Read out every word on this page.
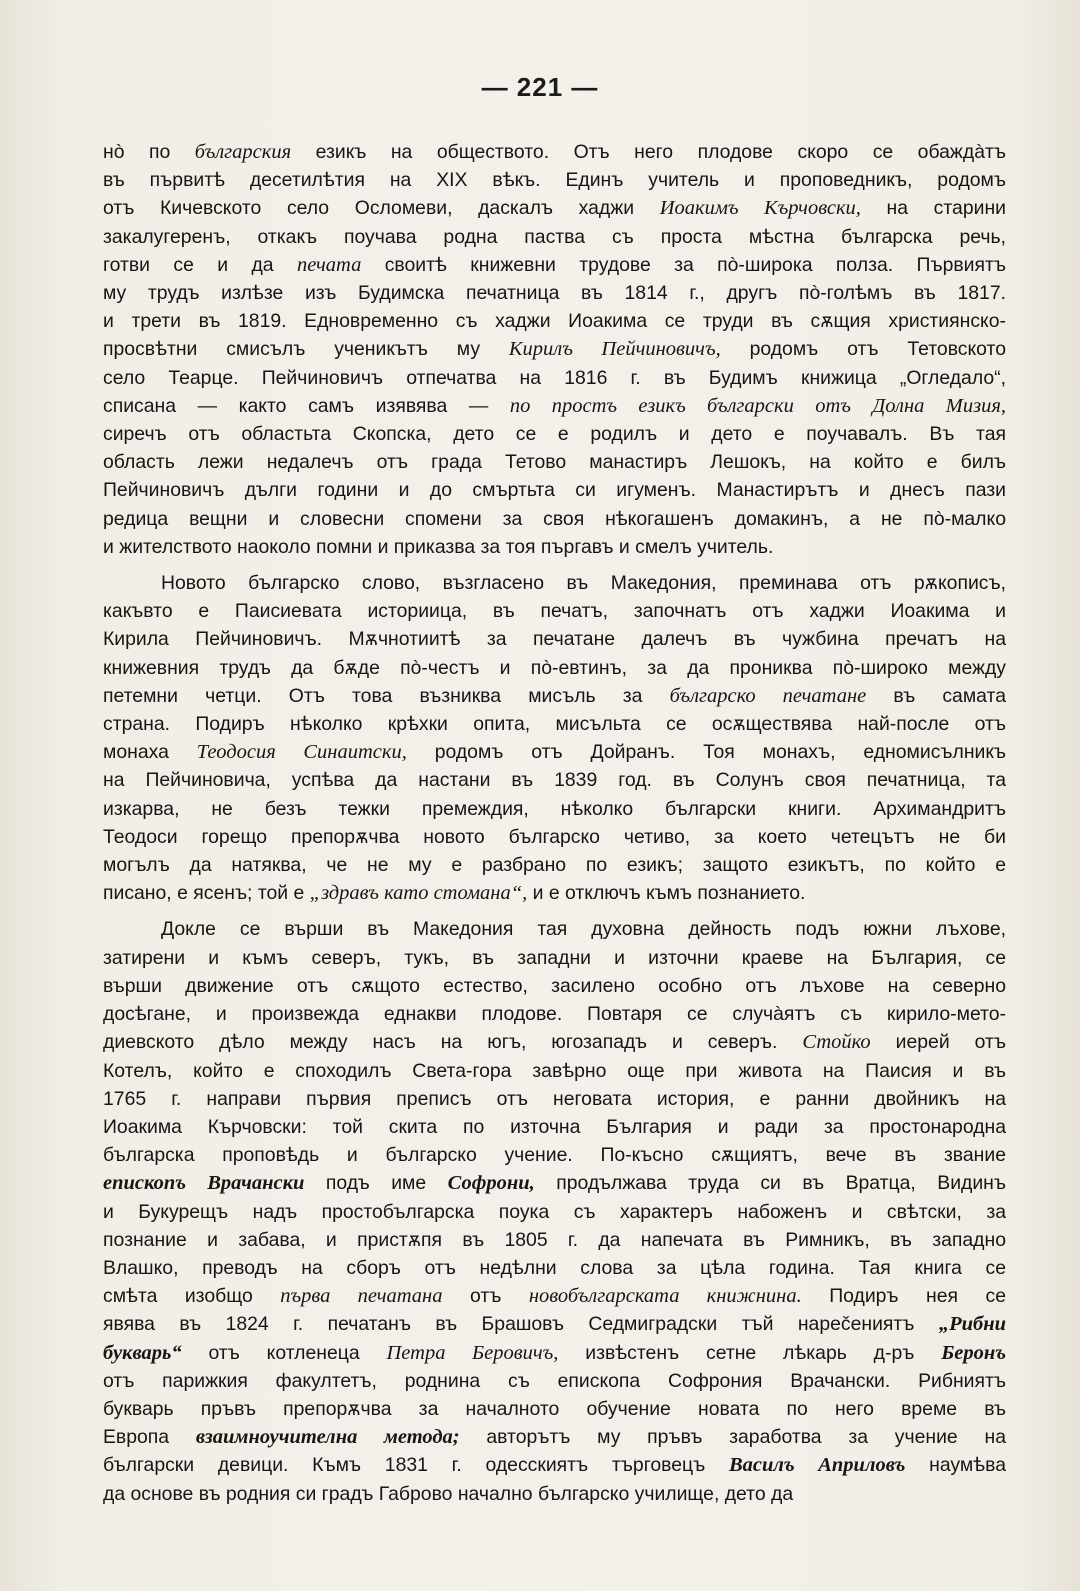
— 221 —
нò по българския езикъ на обществото. Отъ него плодове скоро се обаждàтъ
въ първитѣ десетилѣтия на XIX вѣкъ. Единъ учитель и проповедникъ, родомъ
отъ Кичевското село Осломеви, даскалъ хаджи Иоакимъ Кърчовски, на старини
закалугеренъ, откакъ поучава родна паства съ проста мѣстна българска речь,
готви се и да печата своитѣ книжевни трудове за пò-широка полза. Първиятъ
му трудъ излѣзе изъ Будимска печатница въ 1814 г., другъ пò-голѣмъ въ 1817.
и трети въ 1819. Едновременно съ хаджи Иоакима се труди въ сѫщия християнско-
просвѣтни смисълъ ученикътъ му Кирилъ Пейчиновичъ, родомъ отъ Тетовското
село Теарце. Пейчиновичъ отпечатва на 1816 г. въ Будимъ книжица „Огледало“,
списана — както самъ изявява — по простъ езикъ български отъ Долна Мизия,
сиречъ отъ областьта Скопска, дето се е родилъ и дето е поучавалъ. Въ тая
область лежи недалечъ отъ града Тетово манастиръ Лешокъ, на който е билъ
Пейчиновичъ дълги години и до смъртьта си игуменъ. Манастирътъ и днесъ пази
редица вещни и словесни спомени за своя нѣкогашенъ домакинъ, а не пò-малко
и жителството наоколо помни и приказва за тоя пъргавъ и смелъ учитель.
Новото българско слово, възгласено въ Македония, преминава отъ рѫкописъ,
какъвто е Паисиевата историица, въ печатъ, започнатъ отъ хаджи Иоакима и
Кирила Пейчиновичъ. Мѫчнотиитѣ за печатане далечъ въ чужбина пречатъ на
книжевния трудъ да бѫде пò-честъ и пò-евтинъ, за да прониква пò-широко между
петемни четци. Отъ това възниква мисъль за българско печатане въ самата
страна. Подиръ нѣколко крѣхки опита, мисъльта се осѫществява най-после отъ
монаха Теодосия Синаитски, родомъ отъ Дойранъ. Тоя монахъ, едномисълникъ
на Пейчиновича, успѣва да настани въ 1839 год. въ Солунъ своя печатница, та
изкарва, не безъ тежки премеждия, нѣколко български книги. Архимандритъ
Теодоси горещо препорѫчва новото българско четиво, за което четецътъ не би
могълъ да натяква, че не му е разбрано по езикъ; защото езикътъ, по който е
писано, е ясенъ; той е „здравъ като стомана“, и е отключъ къмъ познанието.
Докле се върши въ Македония тая духовна дейность подъ южни лъхове,
затирени и къмъ северъ, тукъ, въ западни и източни краеве на България, се
върши движение отъ сѫщото естество, засилено особно отъ лъхове на северно
досѣгане, и произвежда еднакви плодове. Повтаря се случàятъ съ кирило-мето-
диевското дѣло между насъ на югъ, югозападъ и северъ. Стойко иерей отъ
Котелъ, който е споходилъ Света-гора завѣрно още при живота на Паисия и въ
1765 г. направи първия преписъ отъ неговата история, е ранни двойникъ на
Иоакима Кърчовски: той скита по източна България и ради за простонародна
българска проповѣдь и българско учение. По-късно сѫщиятъ, вече въ звание
епископъ Врачански подъ име Софрони, продължава труда си въ Вратца, Видинъ
и Букурещъ надъ простобългарска поука съ характеръ набоженъ и свѣтски, за
познание и забава, и пристѫпя въ 1805 г. да напечата въ Римникъ, въ западно
Влашко, преводъ на сборъ отъ недѣлни слова за цѣла година. Тая книга се
смѣта изобщо първа печатана отъ новобългарската книжнина. Подиръ нея се
явява въ 1824 г. печатанъ въ Брашовъ Седмиградски тъй нарečениятъ „Рибни
букварь“ отъ котленеца Петра Беровичъ, извѣстенъ сетне лѣкарь д-ръ Беронъ
отъ парижкия факултетъ, роднина съ епископа Софрония Врачански. Рибниятъ
букварь пръвъ препорѫчва за началното обучение новата по него време въ
Европа взаимноучителна метода; авторътъ му пръвъ заработва за учение на
български девици. Къмъ 1831 г. одесскиятъ търговецъ Василъ Априловъ наумѣва
да основе въ родния си градъ Габрово начално българско училище, дето да
